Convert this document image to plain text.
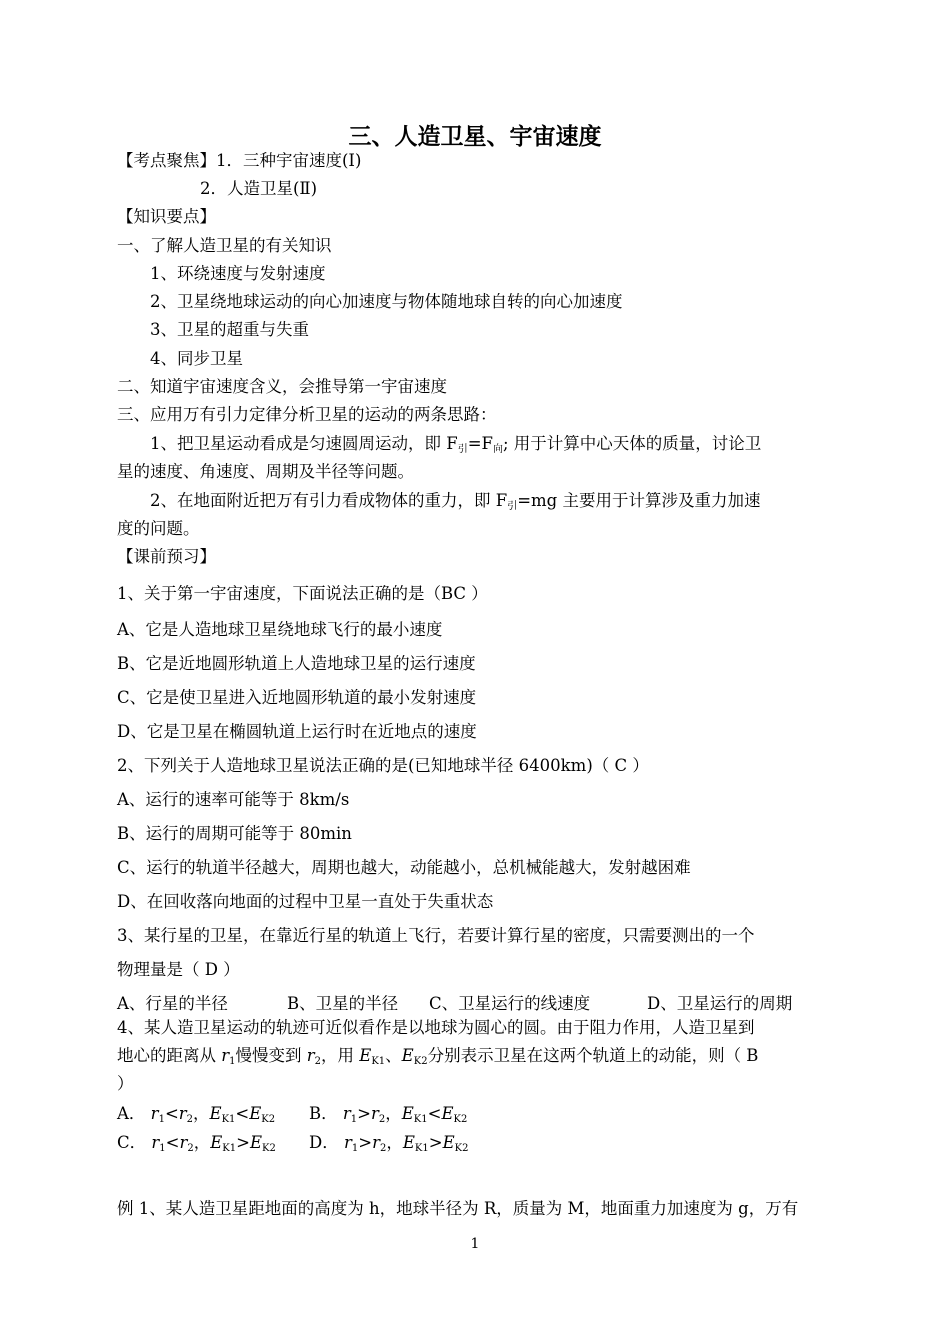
三、人造卫星、宇宙速度
【考点聚焦】1．三种宇宙速度(Ⅰ)
2．人造卫星(Ⅱ)
【知识要点】
一、了解人造卫星的有关知识
1、环绕速度与发射速度
2、卫星绕地球运动的向心加速度与物体随地球自转的向心加速度
3、卫星的超重与失重
4、同步卫星
二、知道宇宙速度含义，会推导第一宇宙速度
三、应用万有引力定律分析卫星的运动的两条思路：
1、把卫星运动看成是匀速圆周运动，即 $F_引=F_向$; 用于计算中心天体的质量，讨论卫
星的速度、角速度、周期及半径等问题。
2、在地面附近把万有引力看成物体的重力，即 $F_引=mg$ 主要用于计算涉及重力加速
度的问题。
【课前预习】
1、关于第一宇宙速度，下面说法正确的是（BC ）
A、它是人造地球卫星绕地球飞行的最小速度
B、它是近地圆形轨道上人造地球卫星的运行速度
C、它是使卫星进入近地圆形轨道的最小发射速度
D、它是卫星在椭圆轨道上运行时在近地点的速度
2、下列关于人造地球卫星说法正确的是(已知地球半径 6400km)（ C ）
A、运行的速率可能等于 8km/s
B、运行的周期可能等于 80min
C、运行的轨道半径越大，周期也越大，动能越小，总机械能越大，发射越困难
D、在回收落向地面的过程中卫星一直处于失重状态
3、某行星的卫星，在靠近行星的轨道上飞行，若要计算行星的密度，只需要测出的一个
物理量是（ D ）
A、行星的半径	B、卫星的半径 C、卫星运行的线速度	D、卫星运行的周期
4、某人造卫星运动的轨迹可近似看作是以地球为圆心的圆。由于阻力作用，人造卫星到
地心的距离从 $r_1$慢慢变到 $r_2$，用 $E_{K1}$、$E_{K2}$分别表示卫星在这两个轨道上的动能，则（ B
）
A． $r_1<r_2$，$E_{K1}<E_{K2}$ B． $r_1>r_2$，$E_{K1}<E_{K2}$
C． $r_1<r_2$，$E_{K1}>E_{K2}$ D． $r_1>r_2$，$E_{K1}>E_{K2}$
例 1、某人造卫星距地面的高度为 h，地球半径为 R，质量为 M，地面重力加速度为 g，万有
1
